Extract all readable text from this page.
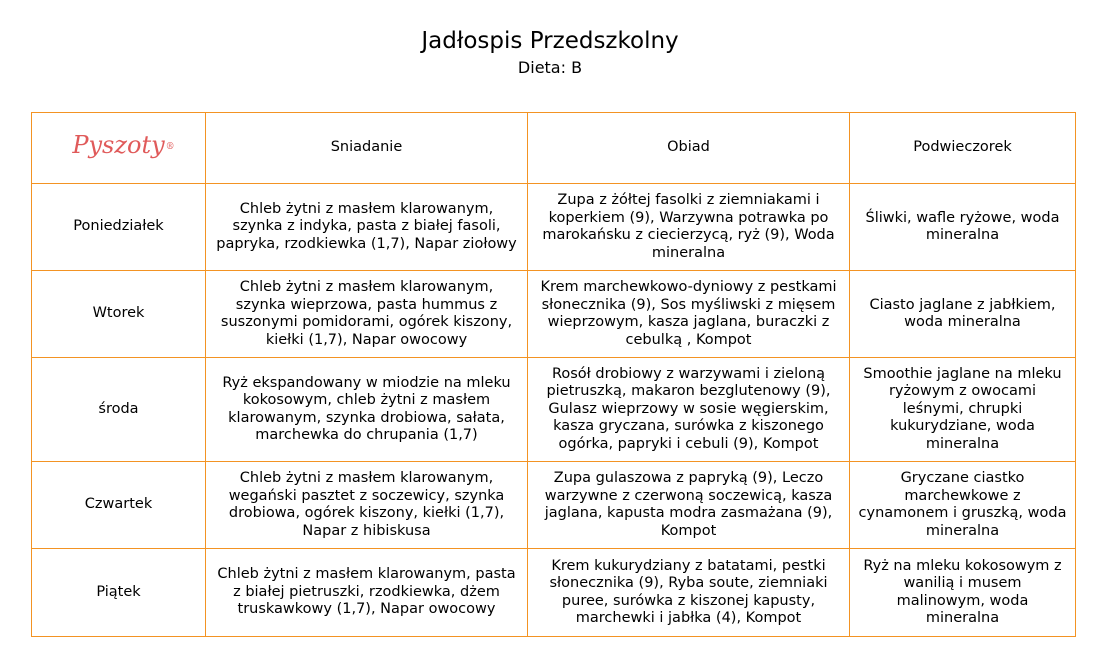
Jadłospis Przedszkolny
Dieta: B
Pyszoty ®	Sniadanie	Obiad	Podwieczorek
Poniedziałek	Chleb żytni z masłem klarowanym, szynka z indyka, pasta z białej fasoli, papryka, rzodkiewka (1,7), Napar ziołowy	Zupa z żółtej fasolki z ziemniakami i koperkiem (9), Warzywna potrawka po marokańsku z ciecierzycą, ryż (9), Woda mineralna	Śliwki, wafle ryżowe, woda mineralna
Wtorek	Chleb żytni z masłem klarowanym, szynka wieprzowa, pasta hummus z suszonymi pomidorami, ogórek kiszony, kiełki (1,7), Napar owocowy	Krem marchewkowo-dyniowy z pestkami słonecznika (9), Sos myśliwski z mięsem wieprzowym, kasza jaglana, buraczki z cebulką , Kompot	Ciasto jaglane z jabłkiem, woda mineralna
środa	Ryż ekspandowany w miodzie na mleku kokosowym, chleb żytni z masłem klarowanym, szynka drobiowa, sałata, marchewka do chrupania (1,7)	Rosół drobiowy z warzywami i zieloną pietruszką, makaron bezglutenowy (9), Gulasz wieprzowy w sosie węgierskim, kasza gryczana, surówka z kiszonego ogórka, papryki i cebuli (9), Kompot	Smoothie jaglane na mleku ryżowym z owocami leśnymi, chrupki kukurydziane, woda mineralna
Czwartek	Chleb żytni z masłem klarowanym, wegański pasztet z soczewicy, szynka drobiowa, ogórek kiszony, kiełki (1,7), Napar z hibiskusa	Zupa gulaszowa z papryką (9), Leczo warzywne z czerwoną soczewicą, kasza jaglana, kapusta modra zasmażana (9), Kompot	Gryczane ciastko marchewkowe z cynamonem i gruszką, woda mineralna
Piątek	Chleb żytni z masłem klarowanym, pasta z białej pietruszki, rzodkiewka, dżem truskawkowy (1,7), Napar owocowy	Krem kukurydziany z batatami, pestki słonecznika (9), Ryba soute, ziemniaki puree, surówka z kiszonej kapusty, marchewki i jabłka (4), Kompot	Ryż na mleku kokosowym z wanilią i musem malinowym, woda mineralna
